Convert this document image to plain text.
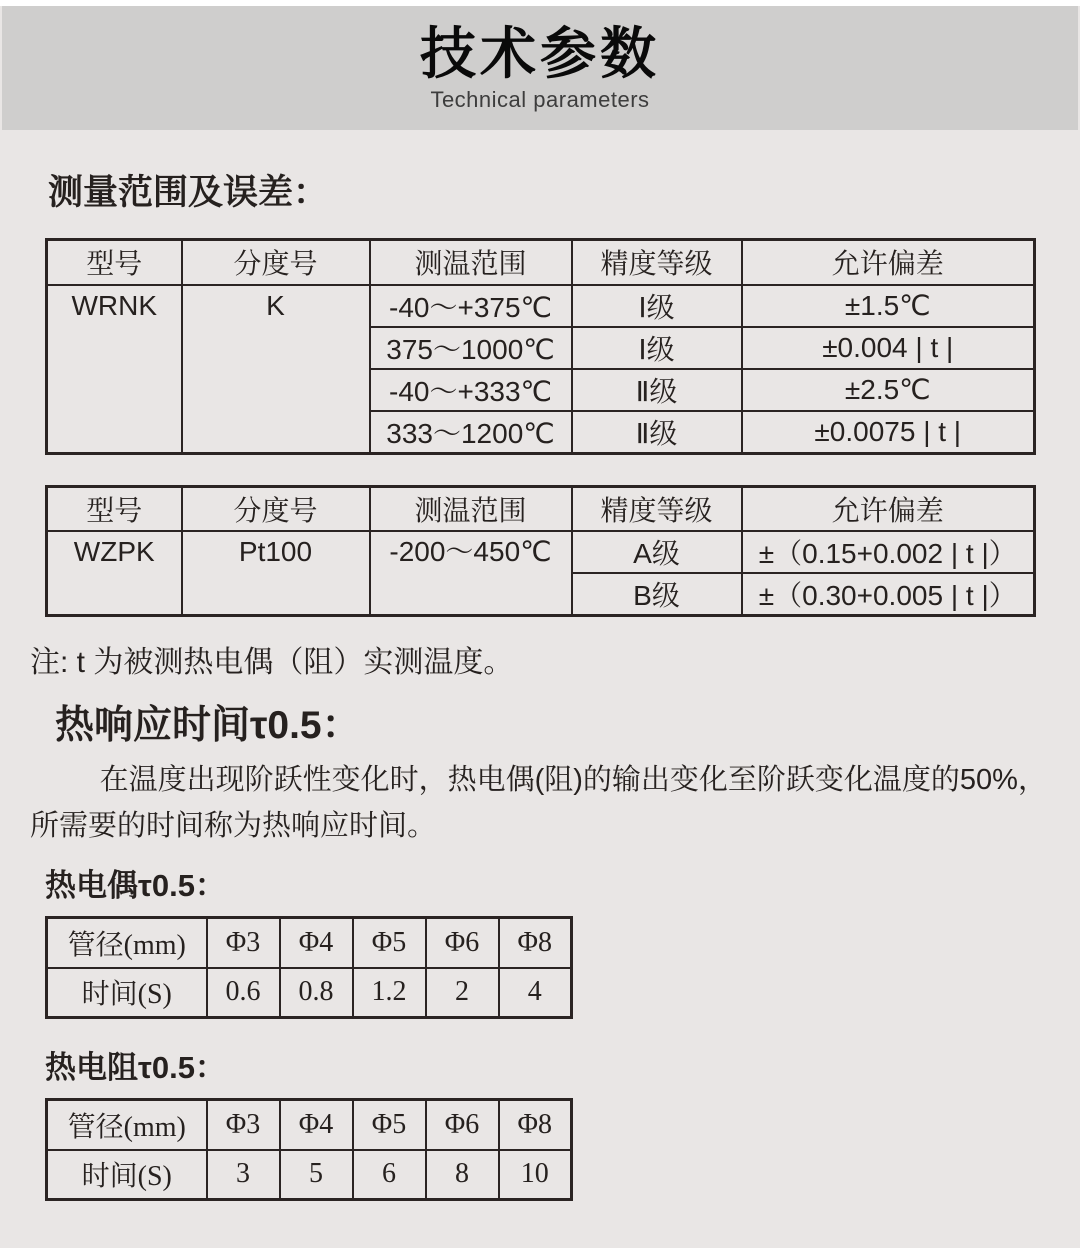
技术参数
Technical parameters
测量范围及误差：
型号	分度号	测温范围	精度等级	允许偏差
WRNK	K	-40～+375℃	Ⅰ级	±1.5℃
		375～1000℃	Ⅰ级	±0.004 | t |
		-40～+333℃	Ⅱ级	±2.5℃
		333～1200℃	Ⅱ级	±0.0075 | t |
型号	分度号	测温范围	精度等级	允许偏差
WZPK	Pt100	-200～450℃	A级	±（0.15+0.002 | t |）
			B级	±（0.30+0.005 | t |）
注: t 为被测热电偶（阻）实测温度。
热响应时间τ0.5：
在温度出现阶跃性变化时，热电偶(阻)的输出变化至阶跃变化温度的50%，所需要的时间称为热响应时间。
热电偶τ0.5：
管径(mm)	Φ3	Φ4	Φ5	Φ6	Φ8
时间(S)	0.6	0.8	1.2	2	4
热电阻τ0.5：
管径(mm)	Φ3	Φ4	Φ5	Φ6	Φ8
时间(S)	3	5	6	8	10
